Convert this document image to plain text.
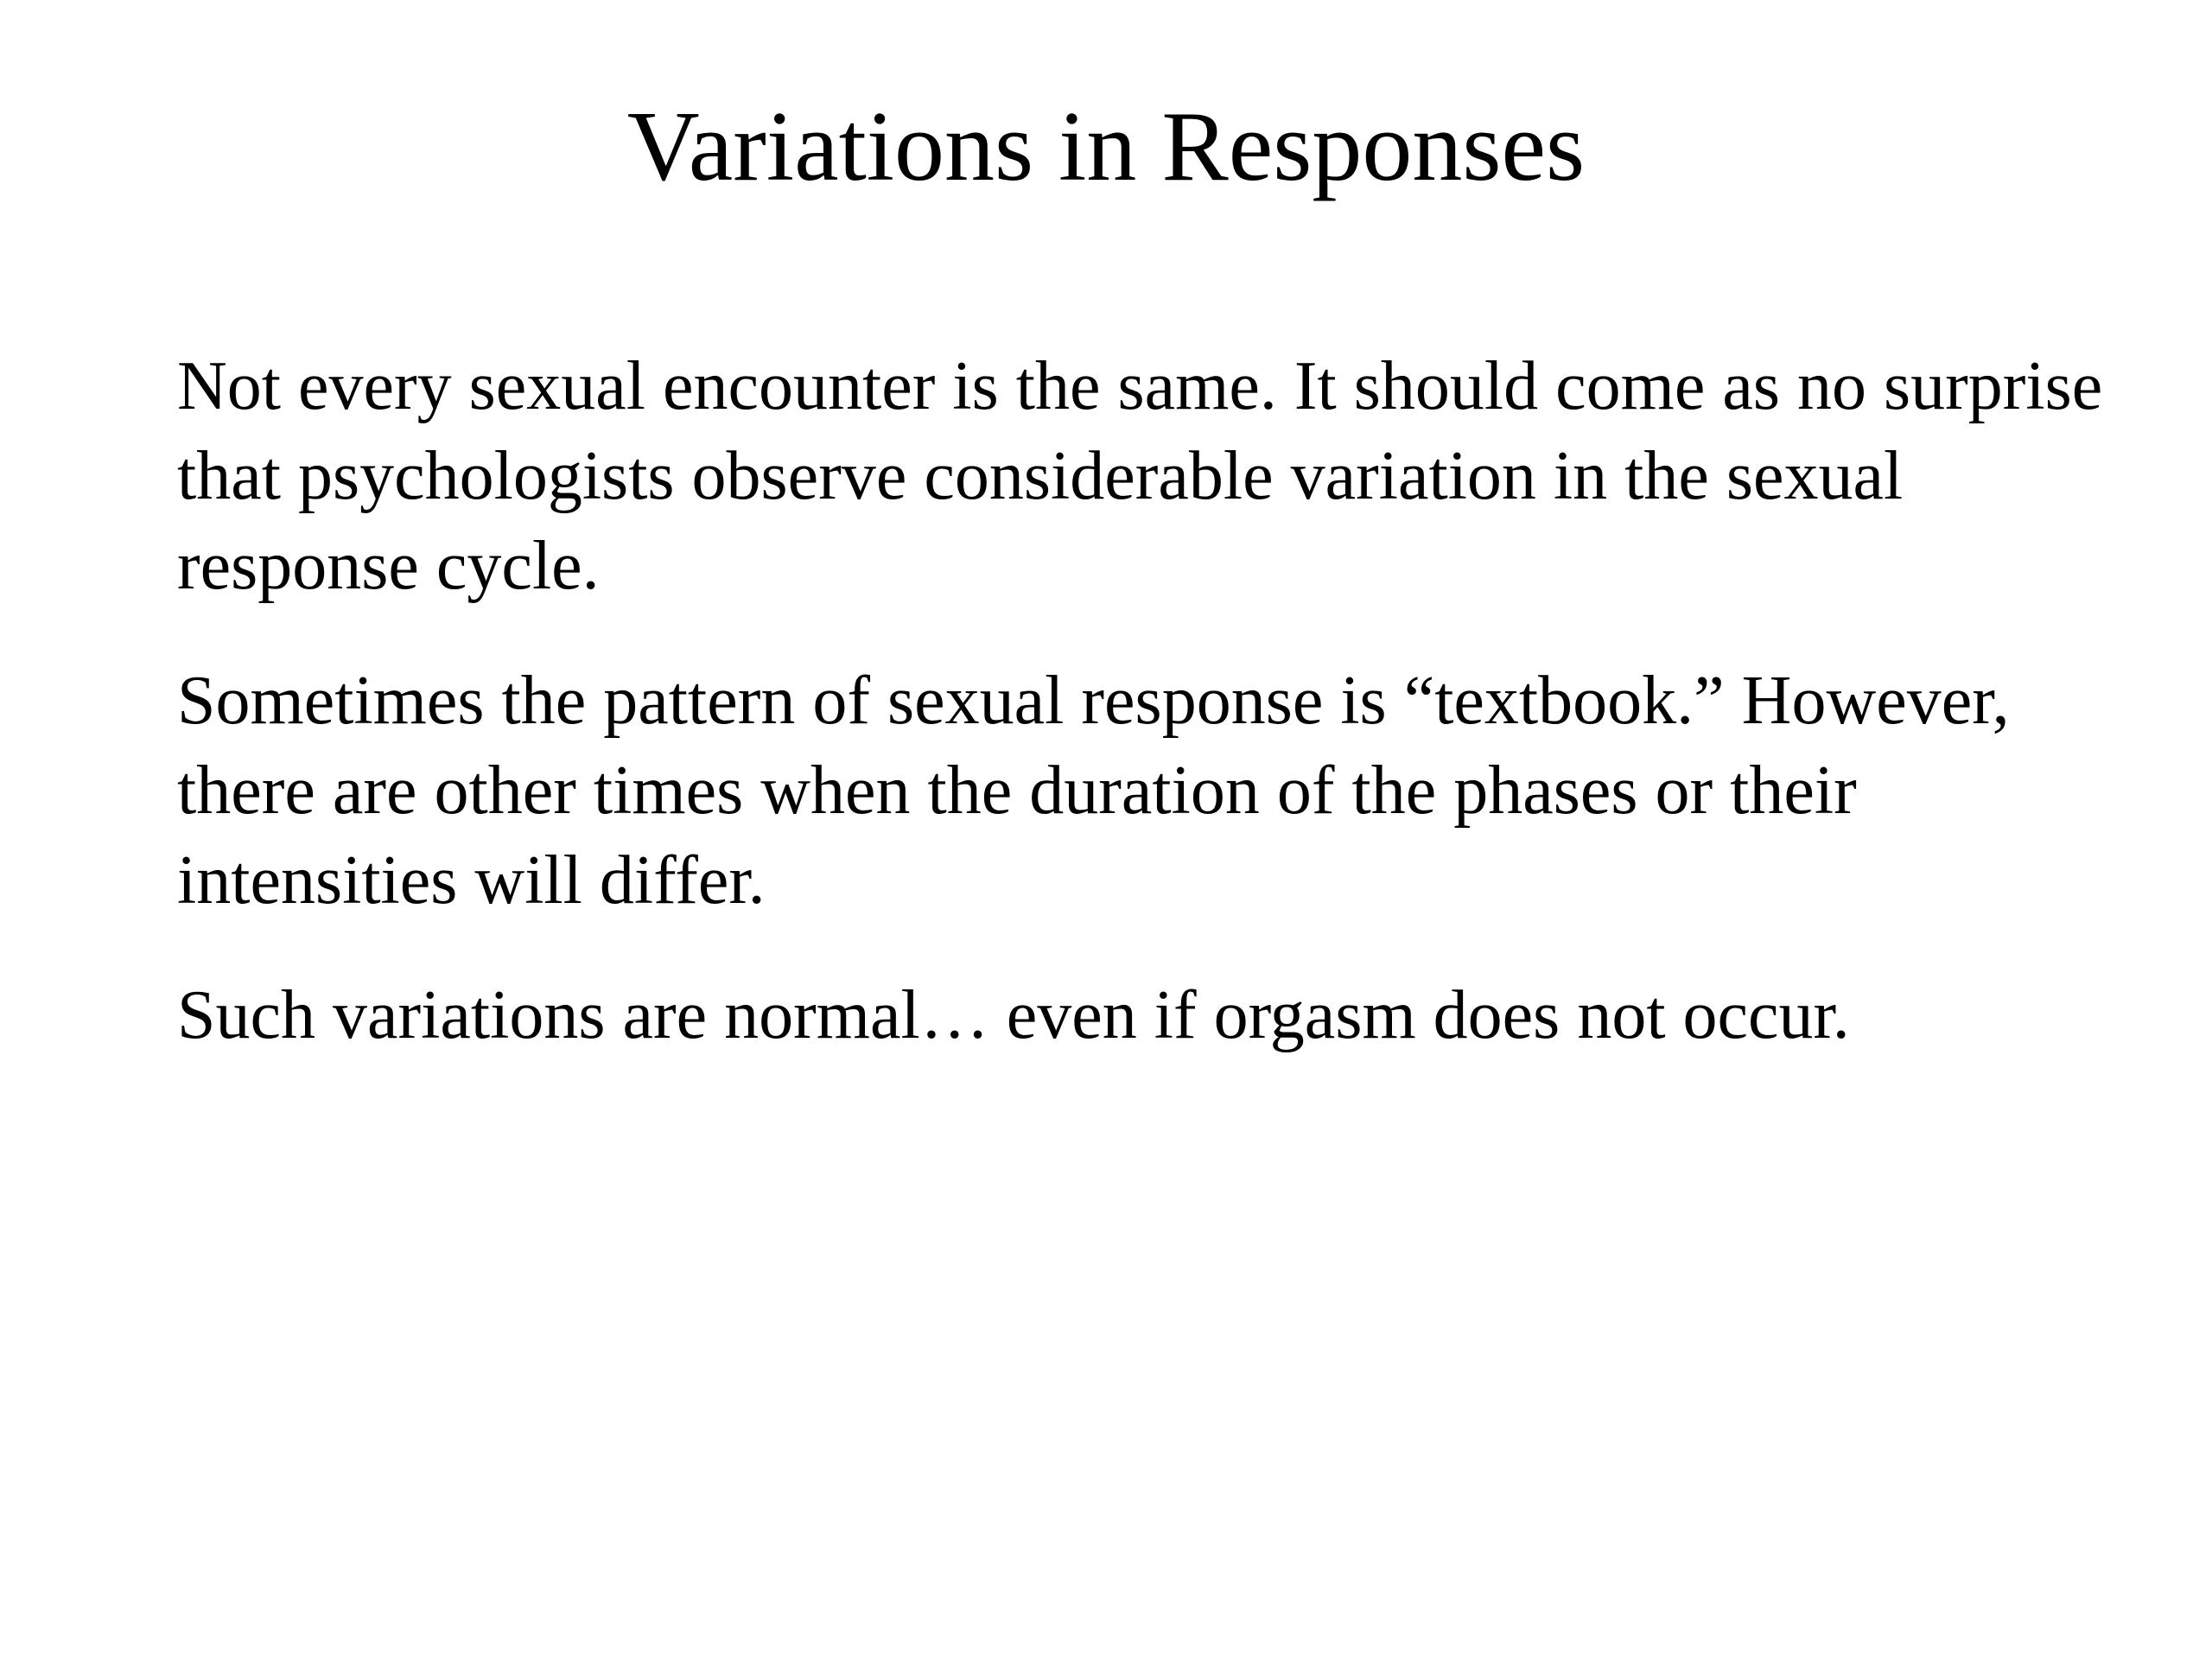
Variations in Responses

Not every sexual encounter is the same. It should come as no surprise that psychologists observe considerable variation in the sexual response cycle.

Sometimes the pattern of sexual response is “textbook.” However, there are other times when the duration of the phases or their intensities will differ.

Such variations are normal… even if orgasm does not occur.
